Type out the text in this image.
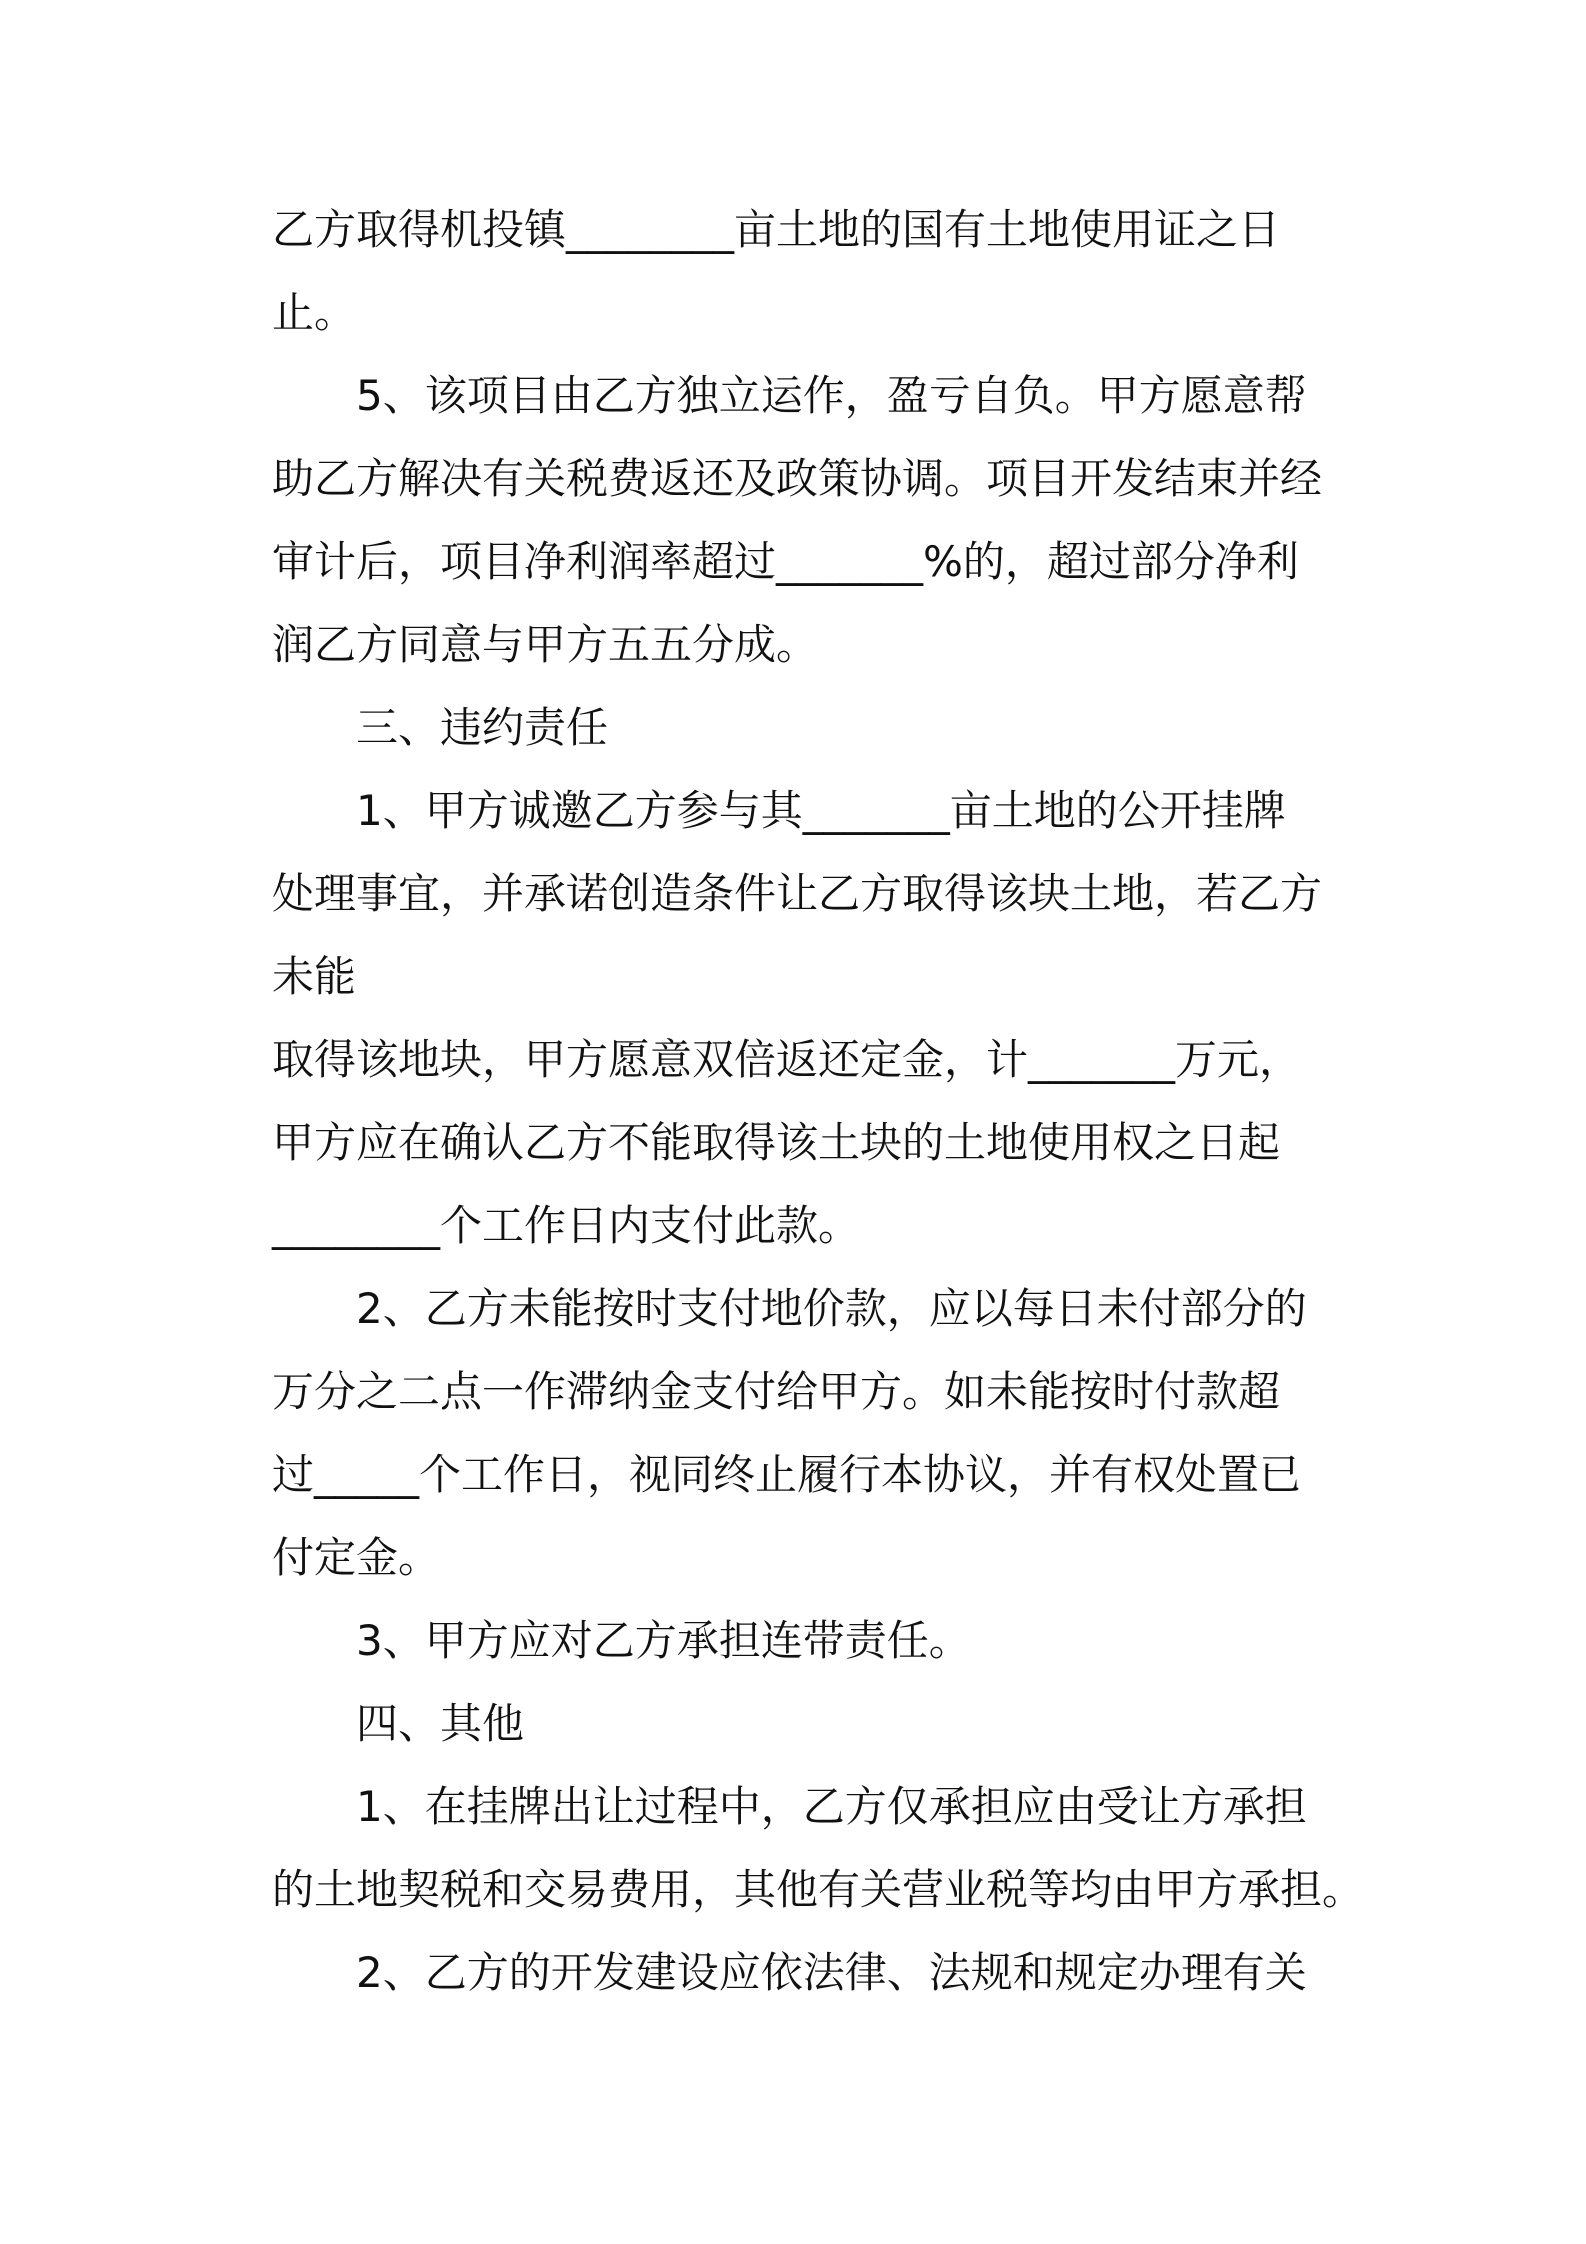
乙方取得机投镇________亩土地的国有土地使用证之日
止。
5、该项目由乙方独立运作，盈亏自负。甲方愿意帮
助乙方解决有关税费返还及政策协调。项目开发结束并经
审计后，项目净利润率超过_______%的，超过部分净利
润乙方同意与甲方五五分成。
三、违约责任
1、甲方诚邀乙方参与其_______亩土地的公开挂牌
处理事宜，并承诺创造条件让乙方取得该块土地，若乙方
未能
取得该地块，甲方愿意双倍返还定金，计_______万元，
甲方应在确认乙方不能取得该土块的土地使用权之日起
________个工作日内支付此款。
2、乙方未能按时支付地价款，应以每日未付部分的
万分之二点一作滞纳金支付给甲方。如未能按时付款超
过_____个工作日，视同终止履行本协议，并有权处置已
付定金。
3、甲方应对乙方承担连带责任。
四、其他
1、在挂牌出让过程中，乙方仅承担应由受让方承担
的土地契税和交易费用，其他有关营业税等均由甲方承担。
2、乙方的开发建设应依法律、法规和规定办理有关
